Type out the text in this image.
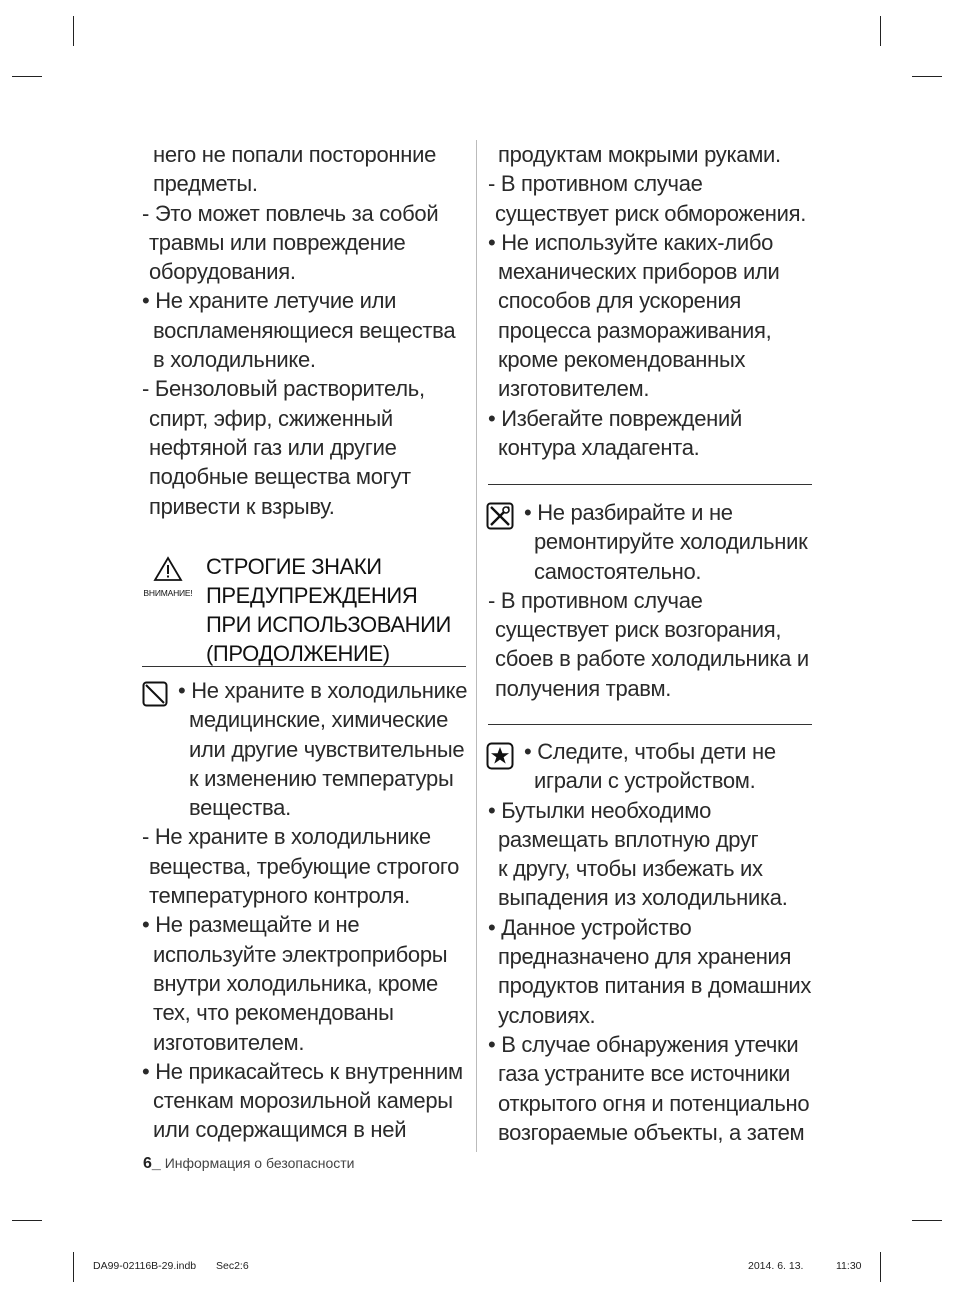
него не попали посторонние
предметы.
- Это может повлечь за собой
травмы или повреждение
оборудования.
• Не храните летучие или
воспламеняющиеся вещества
в холодильнике.
- Бензоловый растворитель,
спирт, эфир, сжиженный
нефтяной газ или другие
подобные вещества могут
привести к взрыву.
ВНИМАНИЕ!
СТРОГИЕ ЗНАКИ
ПРЕДУПРЕЖДЕНИЯ
ПРИ ИСПОЛЬЗОВАНИИ
(ПРОДОЛЖЕНИЕ)
• Не храните в холодильнике
медицинские, химические
или другие чувствительные
к изменению температуры
вещества.
- Не храните в холодильнике
вещества, требующие строгого
температурного контроля.
• Не размещайте и не
используйте электроприборы
внутри холодильника, кроме
тех, что рекомендованы
изготовителем.
• Не прикасайтесь к внутренним
стенкам морозильной камеры
или содержащимся в ней
продуктам мокрыми руками.
- В противном случае
существует риск обморожения.
• Не используйте каких-либо
механических приборов или
способов для ускорения
процесса размораживания,
кроме рекомендованных
изготовителем.
• Избегайте повреждений
контура хладагента.
• Не разбирайте и не
ремонтируйте холодильник
самостоятельно.
- В противном случае
существует риск возгорания,
сбоев в работе холодильника и
получения травм.
• Следите, чтобы дети не
играли с устройством.
• Бутылки необходимо
размещать вплотную друг
к другу, чтобы избежать их
выпадения из холодильника.
• Данное устройство
предназначено для хранения
продуктов питания в домашних
условиях.
• В случае обнаружения утечки
газа устраните все источники
открытого огня и потенциально
возгораемые объекты, а затем
6_ Информация о безопасности
DA99-02116B-29.indb Sec2:6	2014. 6. 13.	11:30
